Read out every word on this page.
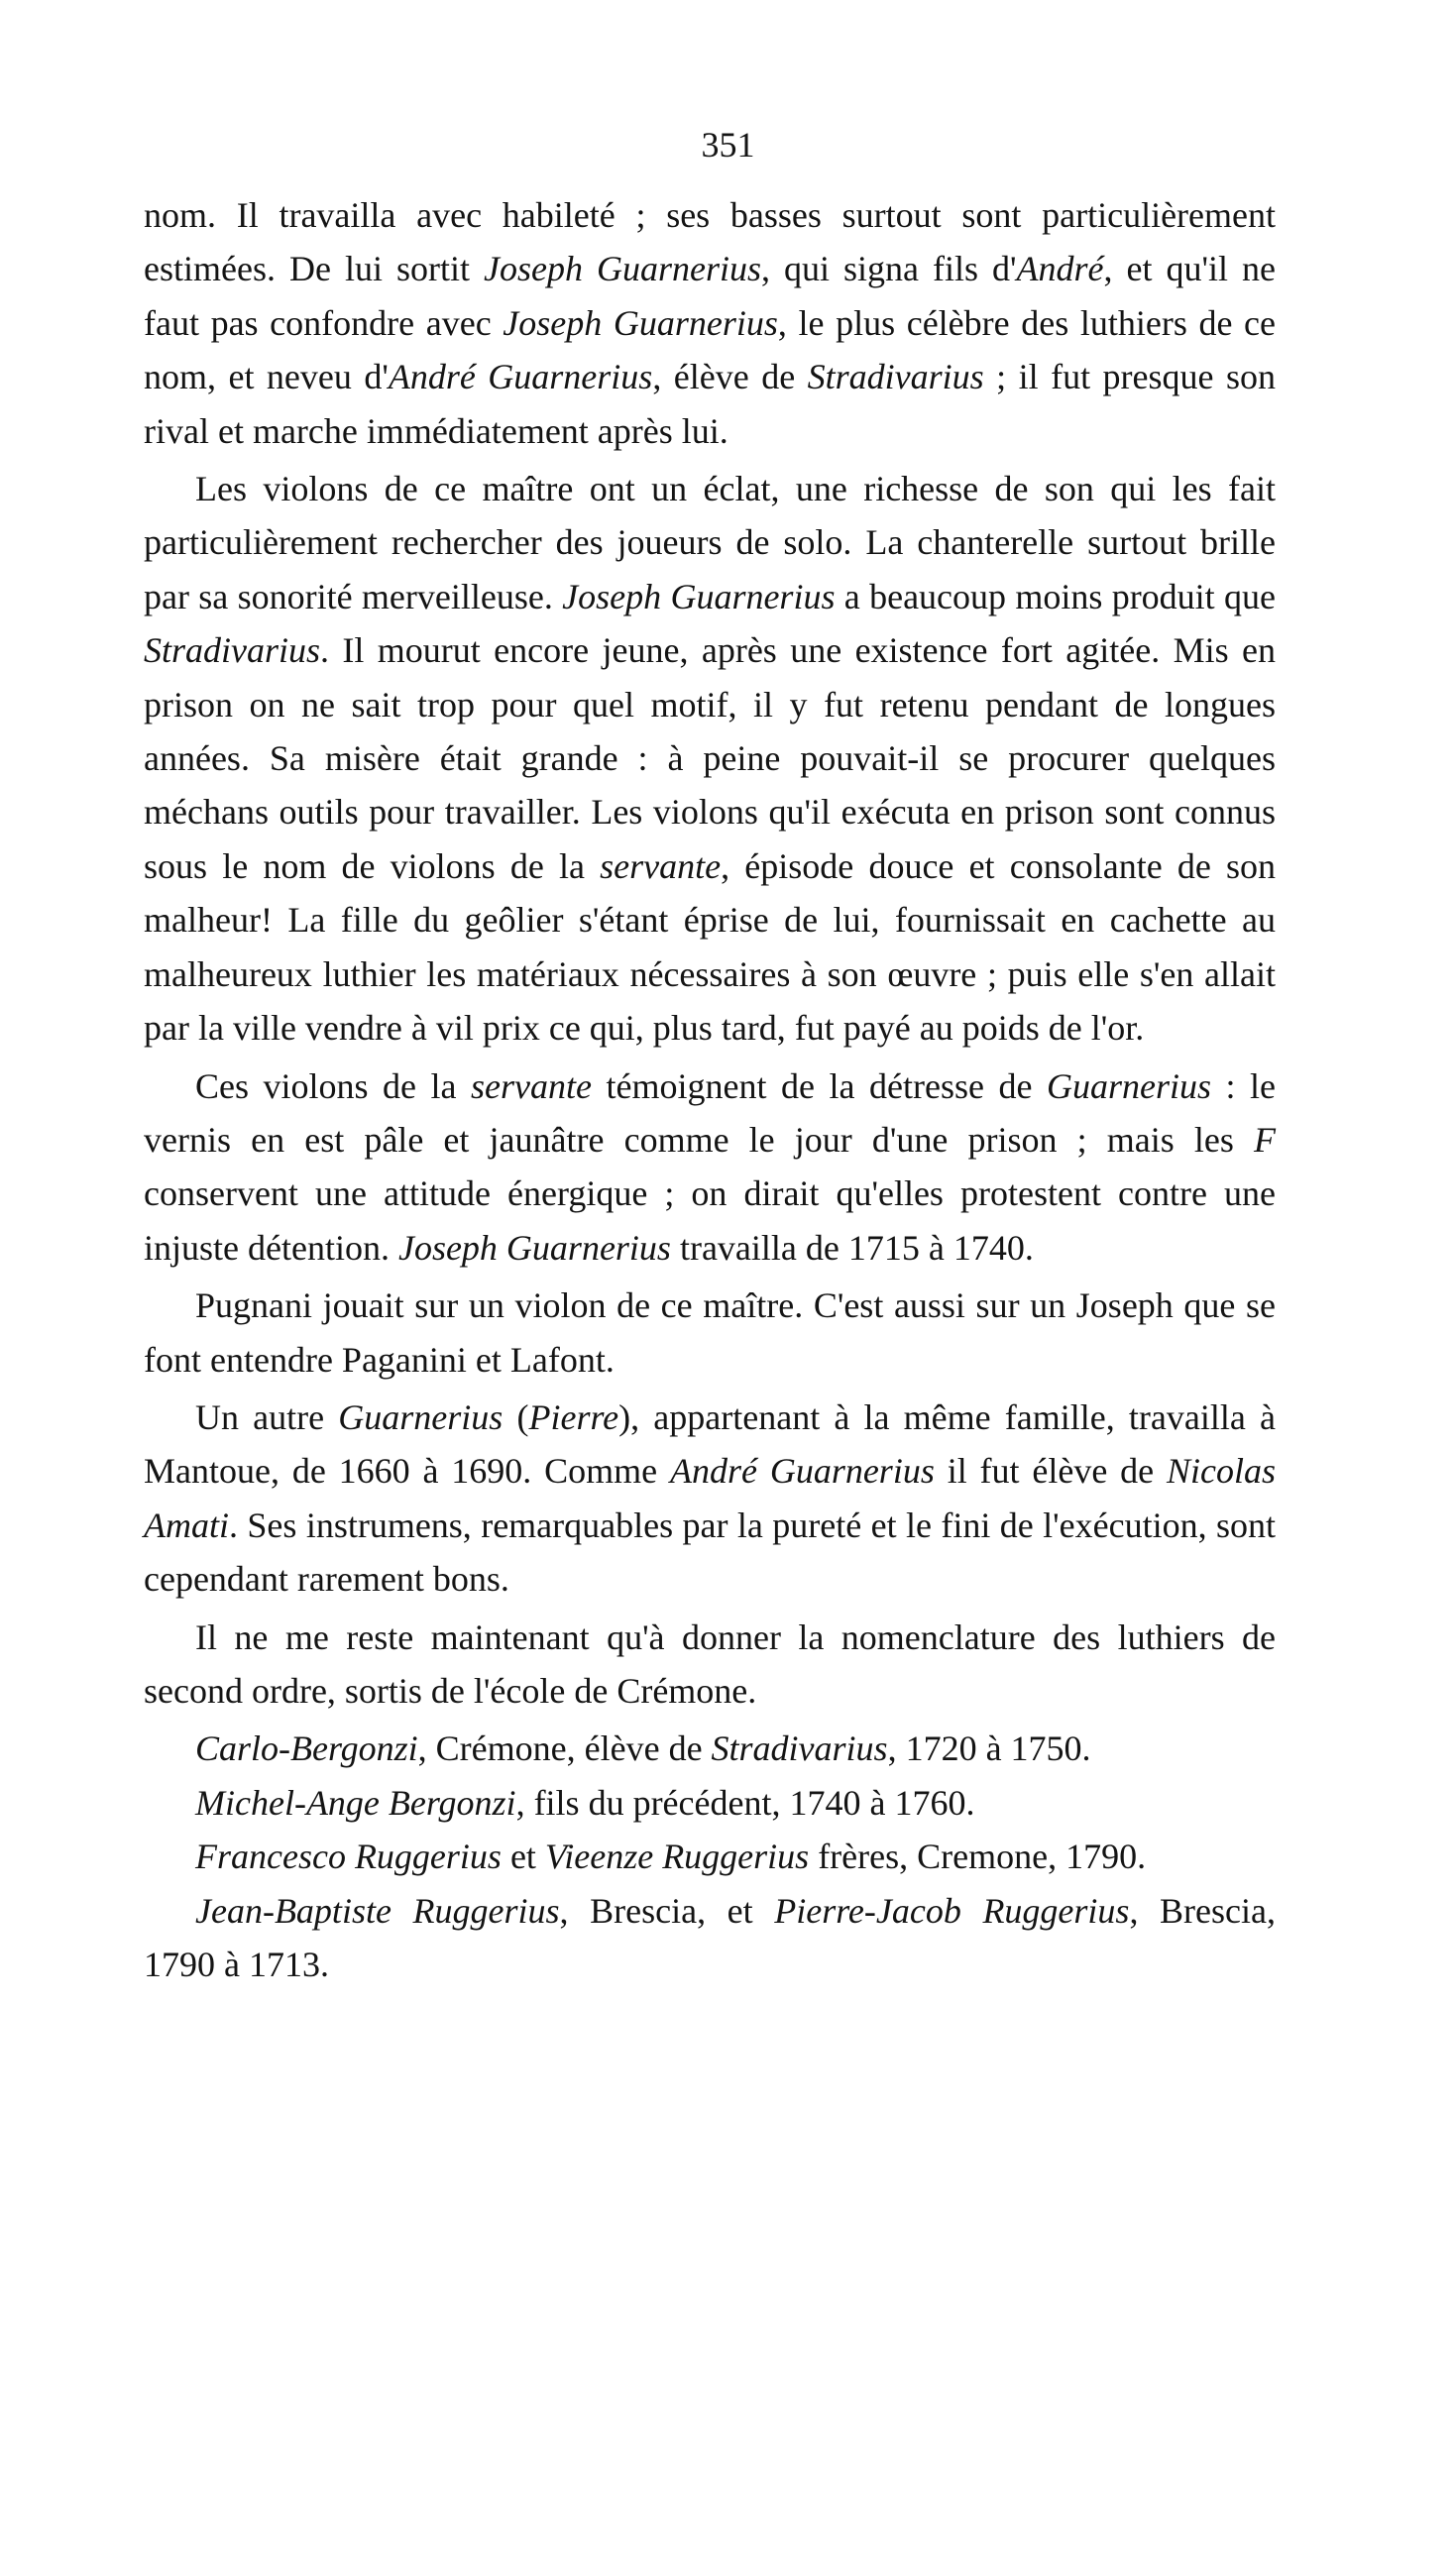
351

nom. Il travailla avec habileté ; ses basses surtout sont particulièrement estimées. De lui sortit Joseph Guarnerius, qui signa fils d'André, et qu'il ne faut pas confondre avec Joseph Guarnerius, le plus célèbre des luthiers de ce nom, et neveu d'André Guarnerius, élève de Stradivarius ; il fut presque son rival et marche immédiatement après lui.

Les violons de ce maître ont un éclat, une richesse de son qui les fait particulièrement rechercher des joueurs de solo. La chanterelle surtout brille par sa sonorité merveilleuse. Joseph Guarnerius a beaucoup moins produit que Stradivarius. Il mourut encore jeune, après une existence fort agitée. Mis en prison on ne sait trop pour quel motif, il y fut retenu pendant de longues années. Sa misère était grande : à peine pouvait-il se procurer quelques méchans outils pour travailler. Les violons qu'il exécuta en prison sont connus sous le nom de violons de la servante, épisode douce et consolante de son malheur! La fille du geôlier s'étant éprise de lui, fournissait en cachette au malheureux luthier les matériaux nécessaires à son œuvre ; puis elle s'en allait par la ville vendre à vil prix ce qui, plus tard, fut payé au poids de l'or.

Ces violons de la servante témoignent de la détresse de Guarnerius : le vernis en est pâle et jaunâtre comme le jour d'une prison ; mais les F conservent une attitude énergique ; on dirait qu'elles protestent contre une injuste détention. Joseph Guarnerius travailla de 1715 à 1740.

Pugnani jouait sur un violon de ce maître. C'est aussi sur un Joseph que se font entendre Paganini et Lafont.

Un autre Guarnerius (Pierre), appartenant à la même famille, travailla à Mantoue, de 1660 à 1690. Comme André Guarnerius il fut élève de Nicolas Amati. Ses instrumens, remarquables par la pureté et le fini de l'exécution, sont cependant rarement bons.

Il ne me reste maintenant qu'à donner la nomenclature des luthiers de second ordre, sortis de l'école de Crémone.

Carlo-Bergonzi, Crémone, élève de Stradivarius, 1720 à 1750.

Michel-Ange Bergonzi, fils du précédent, 1740 à 1760.

Francesco Ruggerius et Vieenze Ruggerius frères, Cremone, 1790.

Jean-Baptiste Ruggerius, Brescia, et Pierre-Jacob Ruggerius, Brescia, 1790 à 1713.
